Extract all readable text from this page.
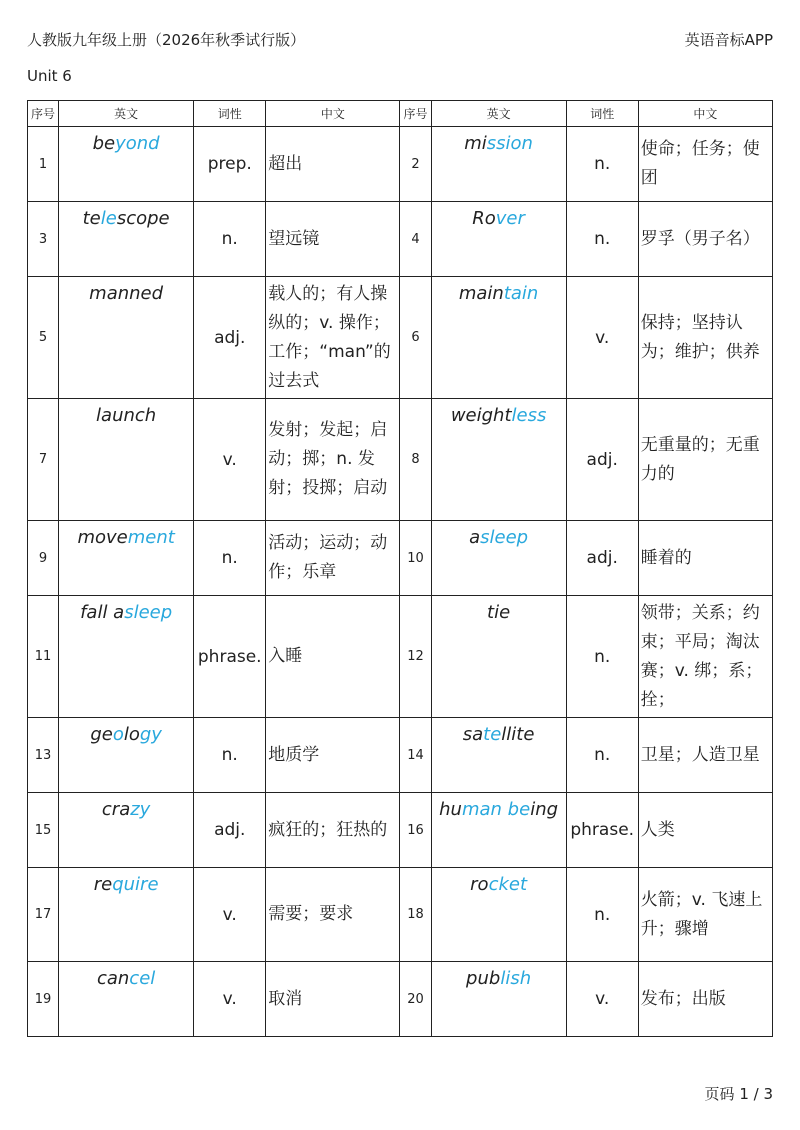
人教版九年级上册（2026年秋季试行版）	英语音标APP
Unit 6
序号	英文	词性	中文	序号	英文	词性	中文
1	beyond	prep.	超出	2	mission	n.	使命；任务；使团

3	telescope	n.	望远镜	4	Rover	n.	罗孚（男子名）

5	manned	adj.	载人的；有人操纵的；v. 操作；工作；“man”的过去式	6	maintain	v.	保持；坚持认为；维护；供养

7	launch	v.	发射；发起；启动；掷；n. 发射；投掷；启动	8	weightless	adj.	无重量的；无重力的

9	movement	n.	活动；运动；动作；乐章	10	asleep	adj.	睡着的

11	fall asleep	phrase.	入睡	12	tie	n.	领带；关系；约束；平局；淘汰赛；v. 绑；系；拴；

13	geology	n.	地质学	14	satellite	n.	卫星；人造卫星

15	crazy	adj.	疯狂的；狂热的	16	human being	phrase.	人类

17	require	v.	需要；要求	18	rocket	n.	火箭；v. 飞速上升；骤增

19	cancel	v.	取消	20	publish	v.	发布；出版
页码 1 / 3
